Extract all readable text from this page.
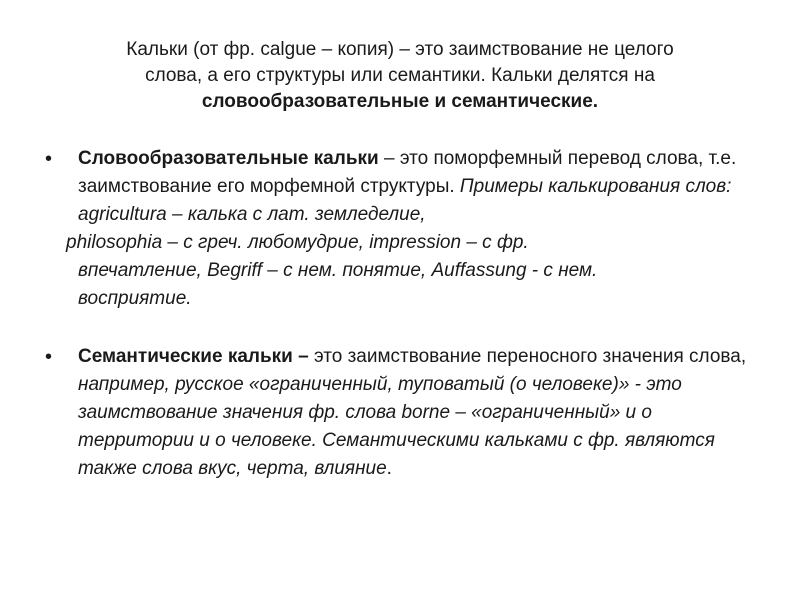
Кальки (от фр. calgue – копия) – это заимствование не целого
слова, а его структуры или семантики. Кальки делятся на
словообразовательные и семантические.
• Словообразовательные кальки – это поморфемный перевод слова, т.е. заимствование его морфемной структуры. Примеры калькирования слов: agricultura – калька с лат. земледелие,
philosophia – с греч. любомудрие, impression – с фр.
впечатление, Begriff – с нем. понятие, Auffassung - с нем.
восприятие.
• Семантические кальки – это заимствование переносного значения слова, например, русское «ограниченный, туповатый (о человеке)» - это заимствование значения фр. слова borne – «ограниченный» и о территории и о человеке. Семантическими кальками с фр. являются также слова вкус, черта, влияние.
